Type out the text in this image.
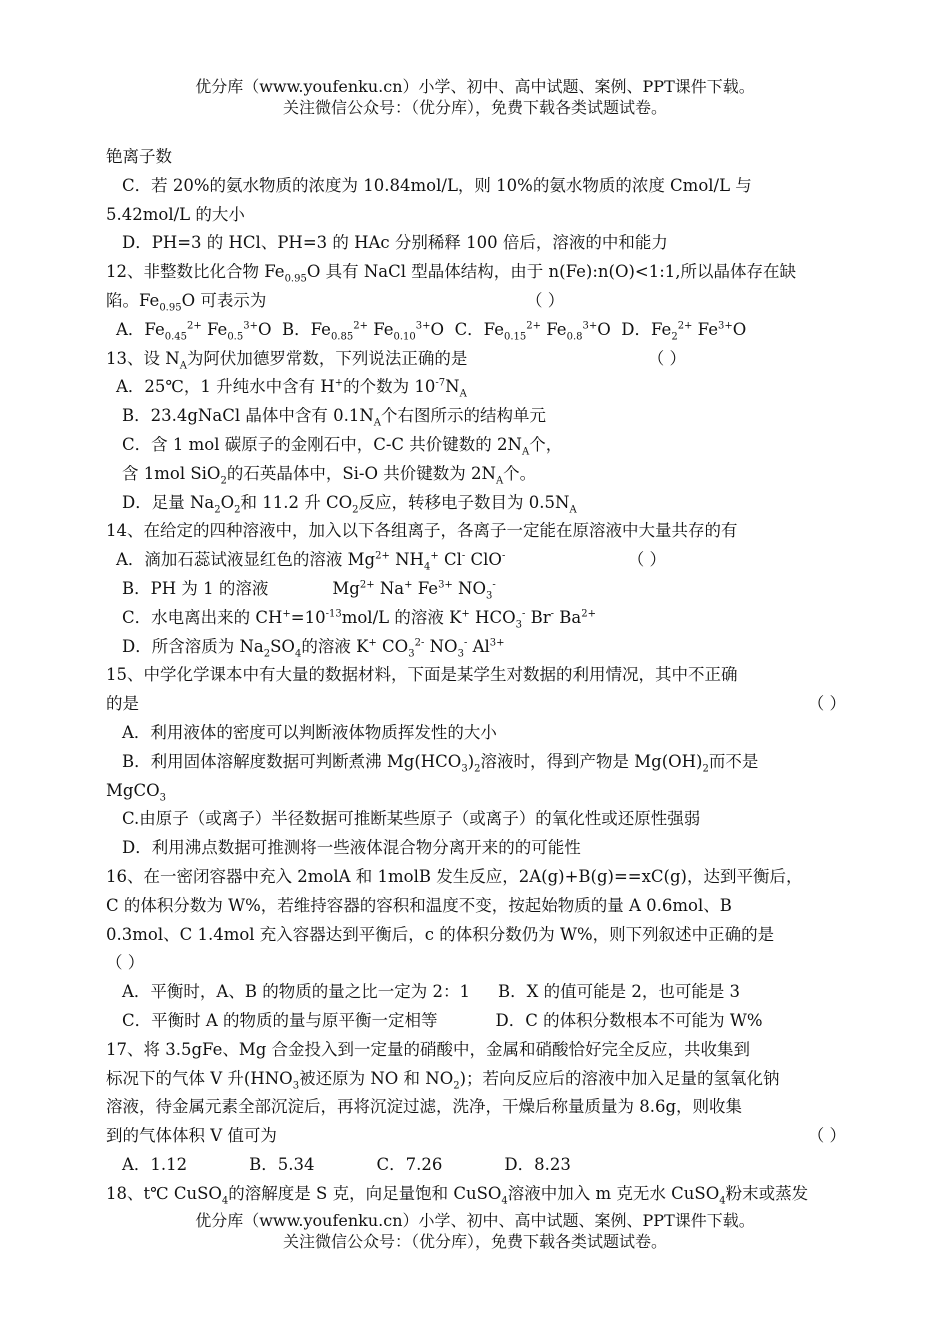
优分库（www.youfenku.cn）小学、初中、高中试题、案例、PPT课件下载。
关注微信公众号：（优分库），免费下载各类试题试卷。
铯离子数
C．若 20%的氨水物质的浓度为 10.84mol/L，则 10%的氨水物质的浓度 Cmol/L 与
5.42mol/L 的大小
D．PH=3 的 HCl、PH=3 的 HAc 分别稀释 100 倍后，溶液的中和能力
12、非整数比化合物 $Fe_{0.95}O$ 具有 NaCl 型晶体结构，由于 n(Fe):n(O)<1:1,所以晶体存在缺
陷。$Fe_{0.95}O$ 可表示为	（ ）
A．$Fe_{0.45}^{2+}$ $Fe_{0.5}^{3+}O$ B．$Fe_{0.85}^{2+}$ $Fe_{0.10}^{3+}O$ C．$Fe_{0.15}^{2+}$ $Fe_{0.8}^{3+}O$ D．$Fe_2^{2+}$ $Fe^{3+}O$
13、设 $N_A$为阿伏加德罗常数，下列说法正确的是	（ ）
A．25℃，1 升纯水中含有 H+的个数为 $10^{-7}N_A$
B．23.4gNaCl 晶体中含有 $0.1N_A$个右图所示的结构单元
C．含 1 mol 碳原子的金刚石中，C-C 共价键数的 $2N_A$个，
含 1mol SiO$_2$的石英晶体中，Si-O 共价键数为 $2N_A$个。
D．足量 $Na_2O_2$和 11.2 升 $CO_2$反应，转移电子数目为 $0.5N_A$
14、在给定的四种溶液中，加入以下各组离子，各离子一定能在原溶液中大量共存的有
A．滴加石蕊试液显红色的溶液 $Mg^{2+}$ $NH_4^+$ Cl- ClO-	（ ）
B．PH 为 1 的溶液	$Mg^{2+}$ Na+ $Fe^{3+}$ $NO_3^-$
C．水电离出来的 $CH^+=10^{-13}mol/L$ 的溶液 K+ $HCO_3^-$ Br- $Ba^{2+}$
D．所含溶质为 $Na_2SO_4$的溶液 K+ $CO_3^{2-}$ $NO_3^-$ $Al^{3+}$
15、中学化学课本中有大量的数据材料，下面是某学生对数据的利用情况，其中不正确
的是	（ ）
A．利用液体的密度可以判断液体物质挥发性的大小
B．利用固体溶解度数据可判断煮沸 $Mg(HCO_3)_2$溶液时，得到产物是 $Mg(OH)_2$而不是
MgCO$_3$
C.由原子（或离子）半径数据可推断某些原子（或离子）的氧化性或还原性强弱
D．利用沸点数据可推测将一些液体混合物分离开来的的可能性
16、在一密闭容器中充入 2molA 和 1molB 发生反应，2A(g)+B(g)==xC(g)，达到平衡后，
C 的体积分数为 W%，若维持容器的容积和温度不变，按起始物质的量 A 0.6mol、B
0.3mol、C 1.4mol 充入容器达到平衡后，c 的体积分数仍为 W%，则下列叙述中正确的是
（ ）
A．平衡时，A、B 的物质的量之比一定为 2：1 B．X 的值可能是 2，也可能是 3
C．平衡时 A 的物质的量与原平衡一定相等	D．C 的体积分数根本不可能为 W%
17、将 3.5gFe、Mg 合金投入到一定量的硝酸中，金属和硝酸恰好完全反应，共收集到
标况下的气体 V 升($HNO_3$被还原为 NO 和 $NO_2$)；若向反应后的溶液中加入足量的氢氧化钠
溶液，待金属元素全部沉淀后，再将沉淀过滤，洗净，干燥后称量质量为 8.6g，则收集
到的气体体积 V 值可为	（ ）
A．1.12	B．5.34	C．7.26	D．8.23
18、t℃ CuSO$_4$的溶解度是 S 克，向足量饱和 CuSO$_4$溶液中加入 m 克无水 CuSO$_4$粉末或蒸发
优分库（www.youfenku.cn）小学、初中、高中试题、案例、PPT课件下载。
关注微信公众号：（优分库），免费下载各类试题试卷。
